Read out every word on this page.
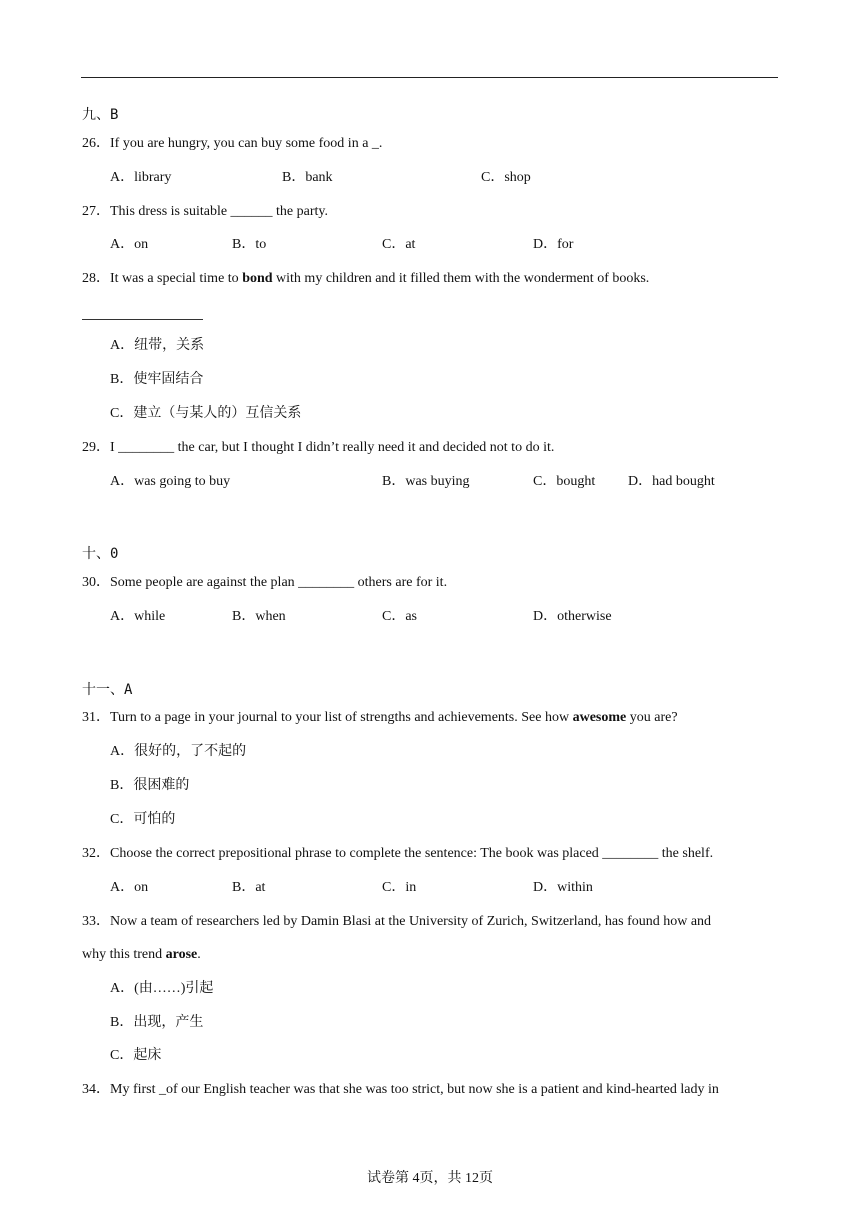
九、B
26．If you are hungry, you can buy some food in a _.
A．library	B．bank	C．shop
27．This dress is suitable ______ the party.
A．on	B．to	C．at	D．for
28．It was a special time to bond with my children and it filled them with the wonderment of books.
A．纽带，关系
B．使牢固结合
C．建立（与某人的）互信关系
29．I ________ the car, but I thought I didn’t really need it and decided not to do it.
A．was going to buy	B．was buying	C．bought D．had bought
十、0
30．Some people are against the plan ________ others are for it.
A．while	B．when	C．as	D．otherwise
十一、A
31．Turn to a page in your journal to your list of strengths and achievements. See how awesome you are?
A．很好的，了不起的
B．很困难的
C．可怕的
32．Choose the correct prepositional phrase to complete the sentence: The book was placed ________ the shelf.
A．on	B．at	C．in	D．within
33．Now a team of researchers led by Damin Blasi at the University of Zurich, Switzerland, has found how and
why this trend arose.
A．(由……)引起
B．出现，产生
C．起床
34．My first _of our English teacher was that she was too strict, but now she is a patient and kind-hearted lady in
试卷第 4页，共 12页
